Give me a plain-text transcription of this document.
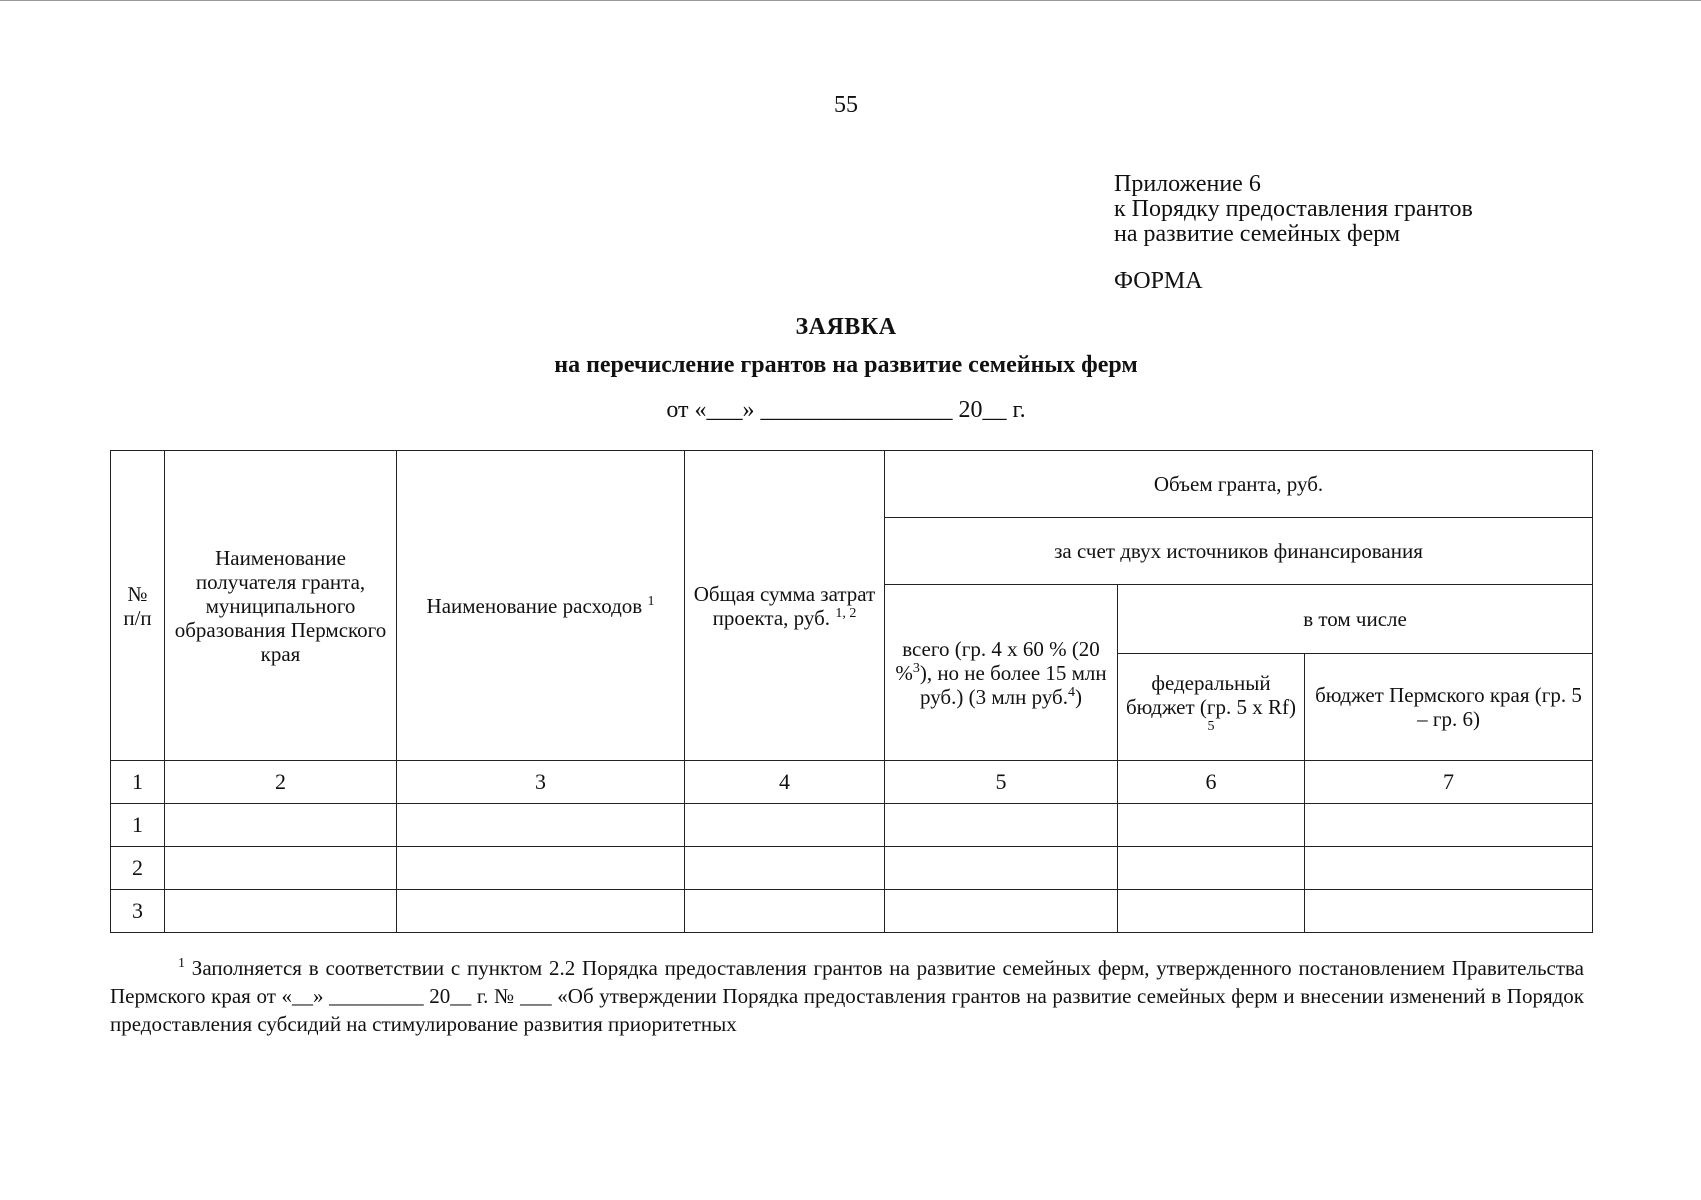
55
Приложение 6
к Порядку предоставления грантов
на развитие семейных ферм
ФОРМА
ЗАЯВКА
на перечисление грантов на развитие семейных ферм
от «___» ________________ 20__ г.
№ п/п	Наименование получателя гранта, муниципального образования Пермского края	Наименование расходов $^1$	Общая сумма затрат проекта, руб. $^{1, 2}$	Объем гранта, руб.		
				за счет двух источников финансирования		
				всего (гр. 4 x 60 % (20 %$^3$), но не более 15 млн руб.) (3 млн руб.$^4$)	в том числе	
					федеральный бюджет (гр. 5 x Rf) $^5$	бюджет Пермского края (гр. 5 – гр. 6)
1	2	3	4	5	6	7
1						
2						
3						
$^1$ Заполняется в соответствии с пунктом 2.2 Порядка предоставления грантов на развитие семейных ферм, утвержденного постановлением Правительства Пермского края от «__» _________ 20__ г. № ___ «Об утверждении Порядка предоставления грантов на развитие семейных ферм и внесении изменений в Порядок предоставления субсидий на стимулирование развития приоритетных
